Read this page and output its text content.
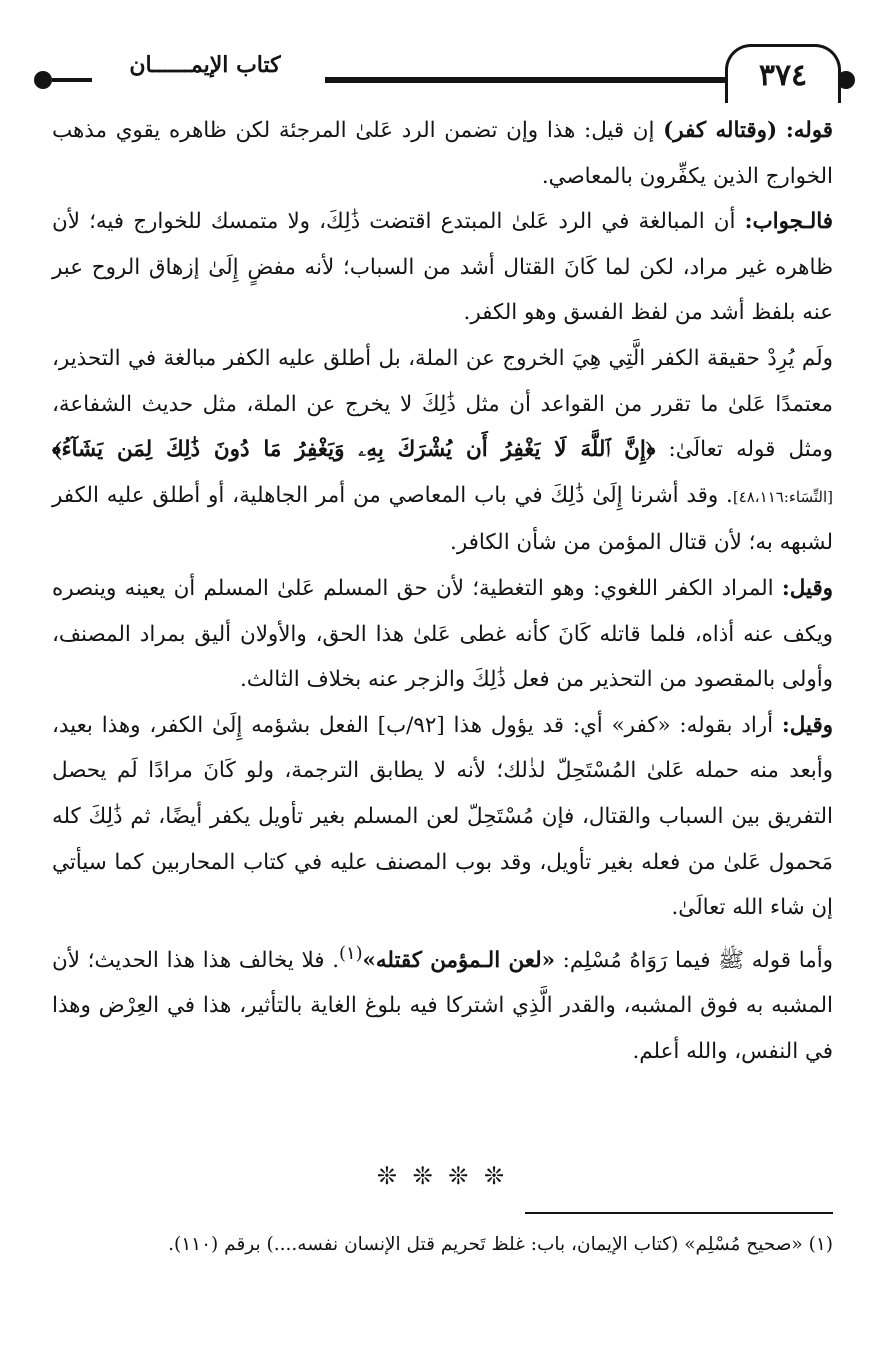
٣٧٤
كتاب الإيمــــــان

قوله: (وقتاله كفر) إن قيل: هذا وإن تضمن الرد عَلىٰ المرجئة لكن ظاهره يقوي مذهب الخوارج الذين يكفِّرون بالمعاصي.

فالـجواب: أن المبالغة في الرد عَلىٰ المبتدع اقتضت ذَٰلِكَ، ولا متمسك للخوارج فيه؛ لأن ظاهره غير مراد، لكن لما كَانَ القتال أشد من السباب؛ لأنه مفضٍ إِلَىٰ إزهاق الروح عبر عنه بلفظ أشد من لفظ الفسق وهو الكفر.

ولَم يُرِدْ حقيقة الكفر الَّتِي هِيَ الخروج عن الملة، بل أطلق عليه الكفر مبالغة في التحذير، معتمدًا عَلىٰ ما تقرر من القواعد أن مثل ذَٰلِكَ لا يخرج عن الملة، مثل حديث الشفاعة، ومثل قوله تعالَىٰ: ﴿إِنَّ ٱللَّهَ لَا يَغْفِرُ أَن يُشْرَكَ بِهِۦ وَيَغْفِرُ مَا دُونَ ذَٰلِكَ لِمَن يَشَآءُ﴾ [النِّسَاء:٤٨،١١٦]. وقد أشرنا إِلَىٰ ذَٰلِكَ في باب المعاصي من أمر الجاهلية، أو أطلق عليه الكفر لشبهه به؛ لأن قتال المؤمن من شأن الكافر.

وقيل: المراد الكفر اللغوي: وهو التغطية؛ لأن حق المسلم عَلىٰ المسلم أن يعينه وينصره ويكف عنه أذاه، فلما قاتله كَانَ كأنه غطى عَلىٰ هذا الحق، والأولان أليق بمراد المصنف، وأولى بالمقصود من التحذير من فعل ذَٰلِكَ والزجر عنه بخلاف الثالث.

وقيل: أراد بقوله: «كفر» أي: قد يؤول هذا [٩٢/ب] الفعل بشؤمه إِلَىٰ الكفر، وهذا بعيد، وأبعد منه حمله عَلىٰ المُسْتَحِلّ لذٰلك؛ لأنه لا يطابق الترجمة، ولو كَانَ مرادًا لَم يحصل التفريق بين السباب والقتال، فإن مُسْتَحِلّ لعن المسلم بغير تأويل يكفر أيضًا، ثم ذَٰلِكَ كله مَحمول عَلىٰ من فعله بغير تأويل، وقد بوب المصنف عليه في كتاب المحاربين كما سيأتي إن شاء الله تعالَىٰ.

وأما قوله ﷺ فيما رَوَاهُ مُسْلِم: «لعن الـمؤمن كقتله»$^{(١)}$. فلا يخالف هذا هذا الحديث؛ لأن المشبه به فوق المشبه، والقدر الَّذِي اشتركا فيه بلوغ الغاية بالتأثير، هذا في العِرْض وهذا في النفس، والله أعلم.

❊ ❊ ❊ ❊
(١) «صحيح مُسْلِم» (كتاب الإيمان، باب: غلظ تَحريم قتل الإنسان نفسه....) برقم (١١٠).
